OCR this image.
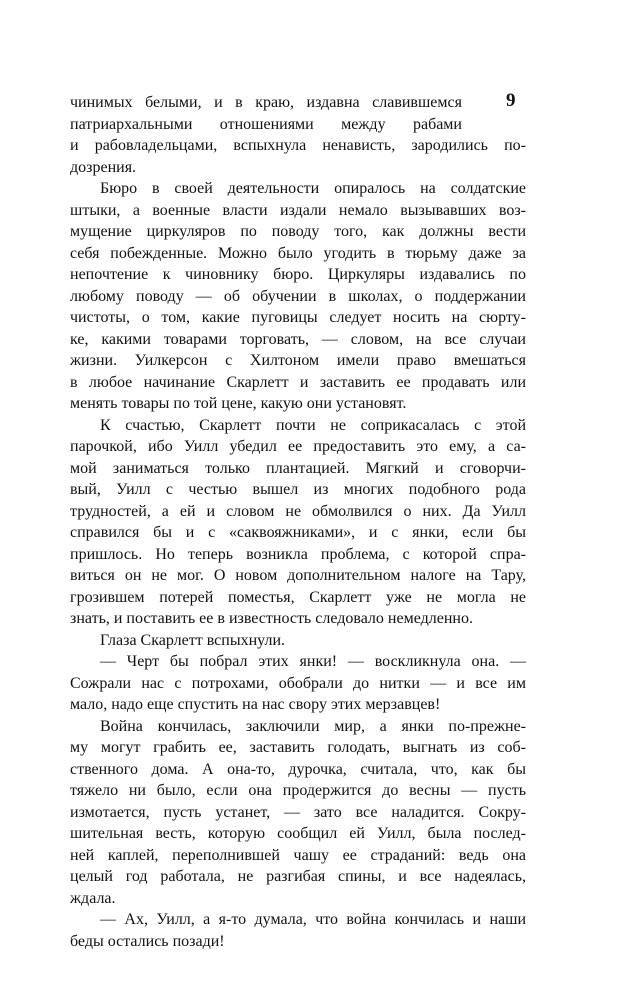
9
чинимых белыми, и в краю, издавна славившемся
патриархальными отношениями между рабами
и рабовладельцами, вспыхнула ненависть, зародились по-
дозрения.
Бюро в своей деятельности опиралось на солдатские
штыки, а военные власти издали немало вызывавших воз-
мущение циркуляров по поводу того, как должны вести
себя побежденные. Можно было угодить в тюрьму даже за
непочтение к чиновнику бюро. Циркуляры издавались по
любому поводу — об обучении в школах, о поддержании
чистоты, о том, какие пуговицы следует носить на сюрту-
ке, какими товарами торговать, — словом, на все случаи
жизни. Уилкерсон с Хилтоном имели право вмешаться
в любое начинание Скарлетт и заставить ее продавать или
менять товары по той цене, какую они установят.
К счастью, Скарлетт почти не соприкасалась с этой
парочкой, ибо Уилл убедил ее предоставить это ему, а са-
мой заниматься только плантацией. Мягкий и сговорчи-
вый, Уилл с честью вышел из многих подобного рода
трудностей, а ей и словом не обмолвился о них. Да Уилл
справился бы и с «саквояжниками», и с янки, если бы
пришлось. Но теперь возникла проблема, с которой спра-
виться он не мог. О новом дополнительном налоге на Тару,
грозившем потерей поместья, Скарлетт уже не могла не
знать, и поставить ее в известность следовало немедленно.
Глаза Скарлетт вспыхнули.
— Черт бы побрал этих янки! — воскликнула она. —
Сожрали нас с потрохами, обобрали до нитки — и все им
мало, надо еще спустить на нас свору этих мерзавцев!
Война кончилась, заключили мир, а янки по-прежне-
му могут грабить ее, заставить голодать, выгнать из соб-
ственного дома. А она-то, дурочка, считала, что, как бы
тяжело ни было, если она продержится до весны — пусть
измотается, пусть устанет, — зато все наладится. Сокру-
шительная весть, которую сообщил ей Уилл, была послед-
ней каплей, переполнившей чашу ее страданий: ведь она
целый год работала, не разгибая спины, и все надеялась,
ждала.
— Ах, Уилл, а я-то думала, что война кончилась и наши
беды остались позади!
